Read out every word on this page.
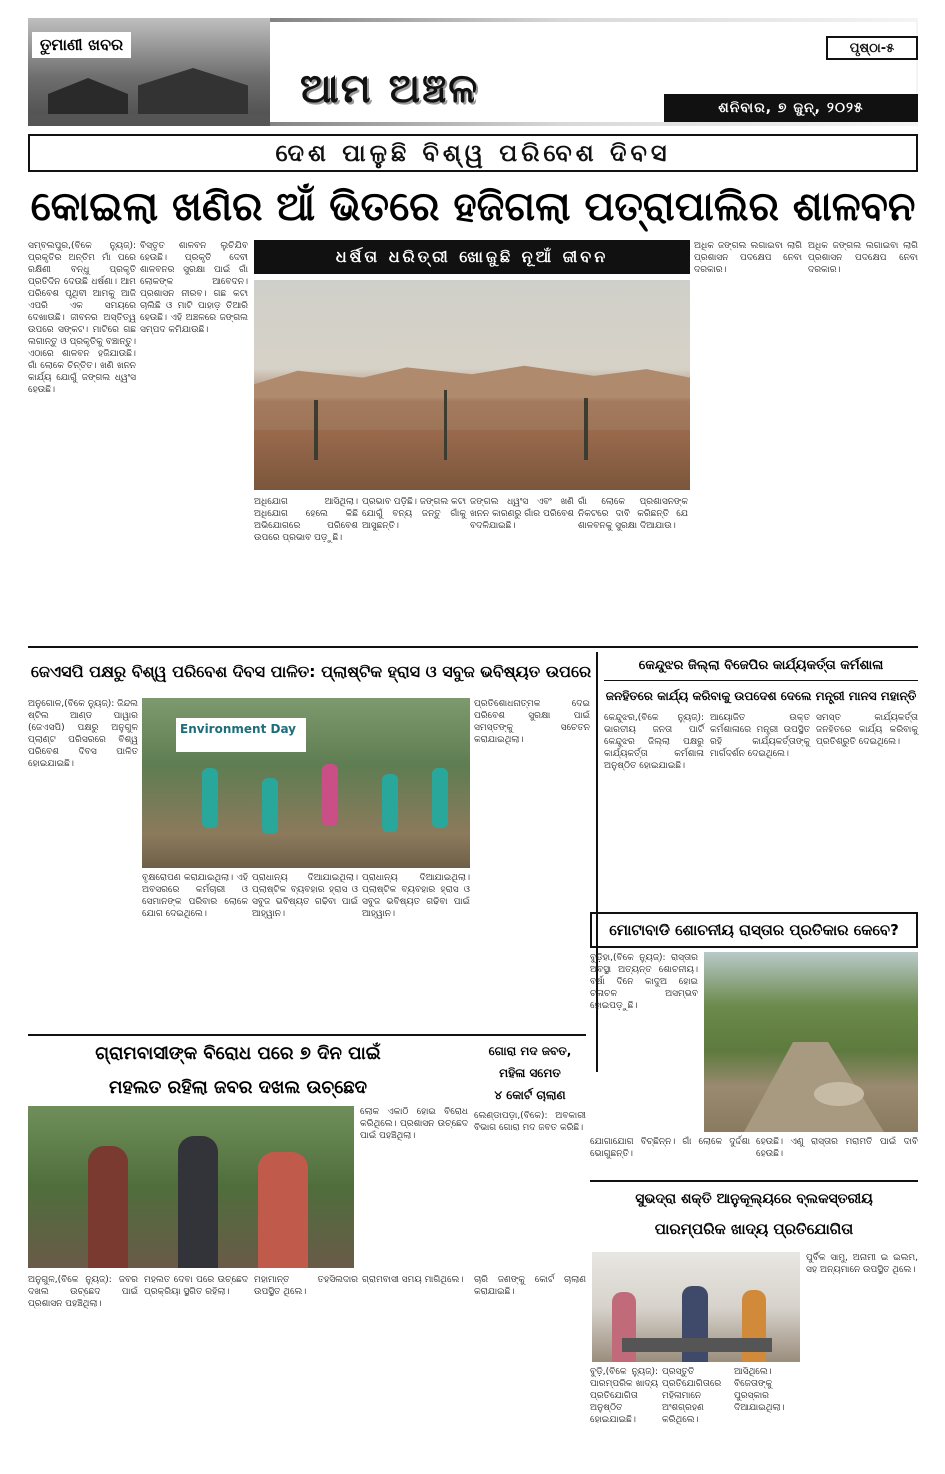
ତୁମାଣୀ ଖବର
ଆମ ଅଞ୍ଚଳ
ପୃଷ୍ଠା-୫
ଶନିବାର, ୭ ଜୁନ୍, ୨୦୨୫
ଦେଶ ପାଳୁଛି ବିଶ୍ୱ ପରିବେଶ ଦିବସ
କୋଇଲା ଖଣିର ଆଁ ଭିତରେ ହଜିଗଲା ପତ୍ରାପାଲିର ଶାଳବନ
ସମ୍ବଲପୁର,(ବିକେ ନ୍ୟୁଜ୍): ପ୍ରକୃତିର ଅନ୍ତିମ ମାଁ ପରେ ରକ୍ଷିଣୀ ବନ୍ଧୁ ପ୍ରକୃତି ପ୍ରତିଦିନ ଦେଉଛି ଧର୍ଷଣା। ଆମ ପରିବେଶ ପୃଥିବୀ ଆମକୁ ଆଜି ଏପରି ଏକ ସମୟରେ ଦେଖାଉଛି। ଜୀବନର ଅସ୍ତିତ୍ୱ ଉପରେ ସଙ୍କଟ। ମାଟିରେ ଗଛ ଲଗାନ୍ତୁ ଓ ପ୍ରକୃତିକୁ ବଞ୍ଚାନ୍ତୁ। ଏଠାରେ ଶାଳବନ ହଜିଯାଉଛି। ଗାଁ ଲୋକେ ଚିନ୍ତିତ। ଖଣି ଖନନ କାର୍ଯ୍ୟ ଯୋଗୁଁ ଜଙ୍ଗଲ ଧ୍ୱଂସ ହେଉଛି।
ବିସ୍ତୃତ ଶାଳବନ ଲୁଚିଯିବ ହେଉଛି। ପ୍ରକୃତି ଦେବୀ ଶାଳବନର ସୁରକ୍ଷା ପାଇଁ ଗାଁ ଲୋକଙ୍କ ଆବେଦନ। ପ୍ରଶାସନ ନୀରବ। ଗଛ କଟା ଚାଲିଛି ଓ ମାଟି ପାହାଡ଼ ତିଆରି ହେଉଛି। ଏହି ଅଞ୍ଚଳରେ ଜଙ୍ଗଲ ସମ୍ପଦ କମିଯାଉଛି।
ଧର୍ଷିତା ଧରିତ୍ରୀ ଖୋଜୁଛି ନୂଆଁ ଜୀବନ
ଅଧିଯୋଗ ଆସିଥିଲା। ଅଧିଯୋଗ ହେଲେ କିଛି ଅଭିଯୋଗରେ ପରିବେଶ ଉପରେ ପ୍ରଭାବ ପଡ଼ୁଛି।
ପ୍ରଭାବ ପଡ଼ିଛି। ଜଙ୍ଗଲ କଟା ଯୋଗୁଁ ବନ୍ୟ ଜନ୍ତୁ ଗାଁକୁ ଆସୁଛନ୍ତି।
ଜଙ୍ଗଲ ଧ୍ୱଂସ ଏବଂ ଖଣି ଖନନ କାରଣରୁ ଗାଁର ପରିବେଶ ବଦଳିଯାଇଛି।
ଗାଁ ଲୋକେ ପ୍ରଶାସନଙ୍କ ନିକଟରେ ଦାବି କରିଛନ୍ତି ଯେ ଶାଳବନକୁ ସୁରକ୍ଷା ଦିଆଯାଉ।
ଅଧିକ ଜଙ୍ଗଲ ଲଗାଇବା ଲାଗି ପ୍ରଶାସନ ପଦକ୍ଷେପ ନେବା ଦରକାର।
ଅଧିକ ଜଙ୍ଗଲ ଲଗାଇବା ଲାଗି ପ୍ରଶାସନ ପଦକ୍ଷେପ ନେବା ଦରକାର।
ଜେଏସପି ପକ୍ଷରୁ ବିଶ୍ୱ ପରିବେଶ ଦିବସ ପାଳିତ: ପ୍ଲାଷ୍ଟିକ ହ୍ରାସ ଓ ସବୁଜ ଭବିଷ୍ୟତ ଉପରେ
ଅନୁଗୋଳ,(ବିକେ ନ୍ୟୁଜ୍): ଜିନ୍ଦଲ ଷ୍ଟିଲ ଆଣ୍ଡ ପାୱାର (ଜେଏସପି) ପକ୍ଷରୁ ଅନୁଗୁଳ ପ୍ଲାଣ୍ଟ ପରିସରରେ ବିଶ୍ୱ ପରିବେଶ ଦିବସ ପାଳିତ ହୋଇଯାଇଛି।
Environment Day
ବୃକ୍ଷରୋପଣ କରାଯାଇଥିଲା। ଏହି ଅବସରରେ କର୍ମଚାରୀ ଓ ସେମାନଙ୍କ ପରିବାର ଲୋକେ ଯୋଗ ଦେଇଥିଲେ।
ପ୍ରାଧାନ୍ୟ ଦିଆଯାଇଥିଲା। ପ୍ଲାଷ୍ଟିକ ବ୍ୟବହାର ହ୍ରାସ ଓ ସବୁଜ ଭବିଷ୍ୟତ ଗଢିବା ପାଇଁ ଆହ୍ୱାନ।
ପ୍ରାଧାନ୍ୟ ଦିଆଯାଇଥିଲା। ପ୍ଲାଷ୍ଟିକ ବ୍ୟବହାର ହ୍ରାସ ଓ ସବୁଜ ଭବିଷ୍ୟତ ଗଢିବା ପାଇଁ ଆହ୍ୱାନ।
ପ୍ରତିଶୋଧନାତ୍ମକ ଦେଇ ପରିବେଶ ସୁରକ୍ଷା ପାଇଁ ସମସ୍ତଙ୍କୁ ସଚେତନ କରାଯାଇଥିଲା।
କେନ୍ଦୁଝର ଜିଲ୍ଲା ବିଜେପିର କାର୍ଯ୍ୟକର୍ତ୍ତା କର୍ମଶାଳା
ଜନହିତରେ କାର୍ଯ୍ୟ କରିବାକୁ ଉପଦେଶ ଦେଲେ ମନ୍ତ୍ରୀ ମାନସ ମହାନ୍ତି
କେନ୍ଦୁଝର,(ବିକେ ନ୍ୟୁଜ୍): ଭାରତୀୟ ଜନତା ପାର୍ଟି କେନ୍ଦୁଝର ଜିଲ୍ଲା ପକ୍ଷରୁ କାର୍ଯ୍ୟକର୍ତ୍ତା କର୍ମଶାଳା ଅନୁଷ୍ଠିତ ହୋଇଯାଇଛି।
ଆୟୋଜିତ ଉକ୍ତ କର୍ମଶାଳାରେ ମନ୍ତ୍ରୀ ଉପସ୍ଥିତ ରହି କାର୍ଯ୍ୟକର୍ତ୍ତାଙ୍କୁ ମାର୍ଗଦର୍ଶନ ଦେଇଥିଲେ।
ସମସ୍ତ କାର୍ଯ୍ୟକର୍ତ୍ତା ଜନହିତରେ କାର୍ଯ୍ୟ କରିବାକୁ ପ୍ରତିଶ୍ରୁତି ଦେଇଥିଲେ।
ମୋଟାବାଡି ଶୋଚନୀୟ ରାସ୍ତାର ପ୍ରତିକାର କେବେ?
ବୁଡ଼ିହା,(ବିକେ ନ୍ୟୁଜ୍): ରାସ୍ତାର ଅବସ୍ଥା ଅତ୍ୟନ୍ତ ଶୋଚନୀୟ। ବର୍ଷା ଦିନେ କାଦୁଅ ହୋଇ ଚଳାଚଳ ଅସମ୍ଭବ ହୋଇପଡ଼ୁଛି।
ଯୋଗାଯୋଗ ବିଚ୍ଛିନ୍ନ। ଗାଁ ଲୋକେ ଦୁର୍ଦ୍ଦଶା ଭୋଗୁଛନ୍ତି।
ହେଉଛି। ଏଣୁ ରାସ୍ତାର ମରାମତି ପାଇଁ ଦାବି ହେଉଛି।
ଗ୍ରାମବାସୀଙ୍କ ବିରୋଧ ପରେ ୭ ଦିନ ପାଇଁ
ମହଲତ ରହିଲା ଜବର ଦଖଲ ଉଚ୍ଛେଦ
ଲୋକ ଏକାଠି ହୋଇ ବିରୋଧ କରିଥିଲେ। ପ୍ରଶାସନ ଉଚ୍ଛେଦ ପାଇଁ ପହଞ୍ଚିଥିଲା।
ଅନୁଗୁଳ,(ବିକେ ନ୍ୟୁଜ୍): ଜବର ଦଖଲ ଉଚ୍ଛେଦ ପାଇଁ ପ୍ରଶାସନ ପହଞ୍ଚିଥିଲା।
ମହଲତ ଦେବା ପରେ ଉଚ୍ଛେଦ ପ୍ରକ୍ରିୟା ସ୍ଥଗିତ ରହିଲା।
ମହାମାନ୍ତ ତହସିଲଦାର ଉପସ୍ଥିତ ଥିଲେ।
ଗ୍ରାମବାସୀ ସମୟ ମାଗିଥିଲେ।
ଗୋରା ମଦ ଜବତ,
ମହିଳା ସମେତ
୪ କୋର୍ଟ ଚାଲାଣ
ଲେଣ୍ଡାପଡ଼ା,(ବିକେ): ଅବକାରୀ ବିଭାଗ ଗୋରା ମଦ ଜବତ କରିଛି।
ଚାରି ଜଣଙ୍କୁ କୋର୍ଟ ଚାଲାଣ କରାଯାଇଛି।
ସୁଭଦ୍ରା ଶକ୍ତି ଆନୁକୂଲ୍ୟରେ ବ୍ଲକସ୍ତରୀୟ
ପାରମ୍ପରିକ ଖାଦ୍ୟ ପ୍ରତିଯୋଗିତା
ପୁର୍ବିକ ସାମୁ, ଅନାମୀ ଇ ଇଲମ, ସହ ଅନ୍ୟମାନେ ଉପସ୍ଥିତ ଥିଲେ।
ବୁଡ଼ି,(ବିକେ ନ୍ୟୁଜ୍): ପାରମ୍ପରିକ ଖାଦ୍ୟ ପ୍ରତିଯୋଗିତା ଅନୁଷ୍ଠିତ ହୋଇଯାଇଛି।
ପ୍ରସ୍ତୁତି ପ୍ରତିଯୋଗିତାରେ ମହିଳାମାନେ ଅଂଶଗ୍ରହଣ କରିଥିଲେ।
ଆସିଥିଲେ। ବିଜେତାଙ୍କୁ ପୁରସ୍କାର ଦିଆଯାଇଥିଲା।
